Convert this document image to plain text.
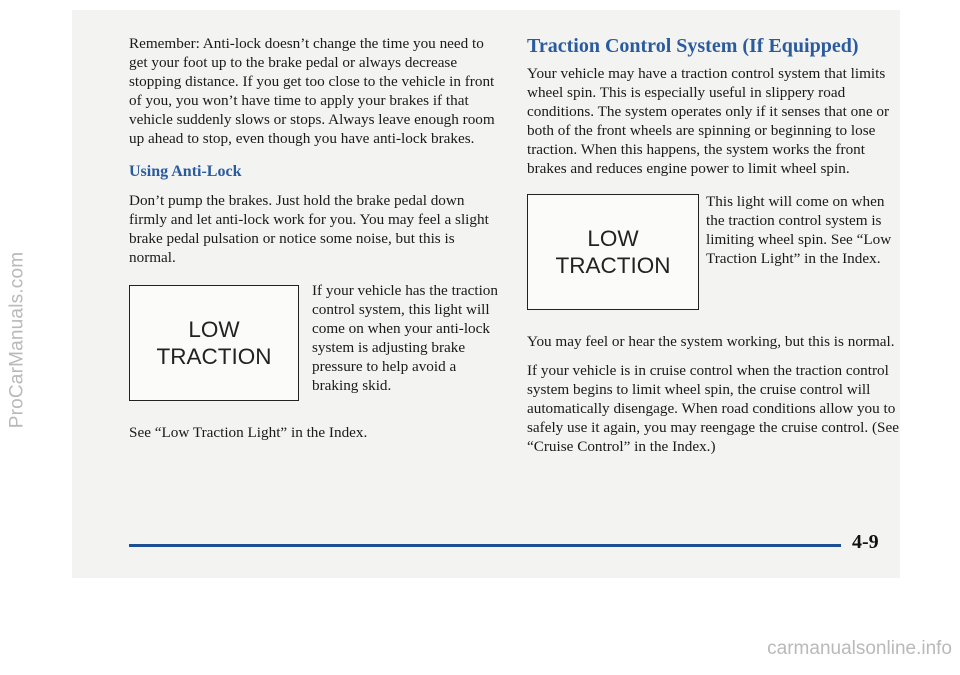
ProCarManuals.com

Remember: Anti-lock doesn’t change the time you need to get your foot up to the brake pedal or always decrease stopping distance. If you get too close to the vehicle in front of you, you won’t have time to apply your brakes if that vehicle suddenly slows or stops. Always leave enough room up ahead to stop, even though you have anti-lock brakes.

Using Anti-Lock

Don’t pump the brakes. Just hold the brake pedal down firmly and let anti-lock work for you. You may feel a slight brake pedal pulsation or notice some noise, but this is normal.

LOW
TRACTION

If your vehicle has the traction control system, this light will come on when your anti-lock system is adjusting brake pressure to help avoid a braking skid.

See “Low Traction Light” in the Index.

Traction Control System (If Equipped)

Your vehicle may have a traction control system that limits wheel spin. This is especially useful in slippery road conditions. The system operates only if it senses that one or both of the front wheels are spinning or beginning to lose traction. When this happens, the system works the front brakes and reduces engine power to limit wheel spin.

LOW
TRACTION

This light will come on when the traction control system is limiting wheel spin. See “Low Traction Light” in the Index.

You may feel or hear the system working, but this is normal.

If your vehicle is in cruise control when the traction control system begins to limit wheel spin, the cruise control will automatically disengage. When road conditions allow you to safely use it again, you may reengage the cruise control. (See “Cruise Control” in the Index.)

4-9
carmanualsonline.info
